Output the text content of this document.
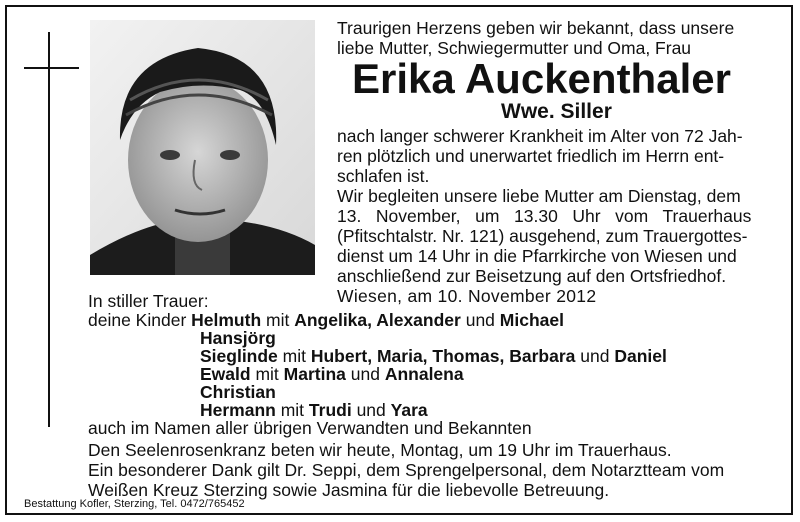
Traurigen Herzens geben wir bekannt, dass unsere
liebe Mutter, Schwiegermutter und Oma, Frau
Erika Auckenthaler
Wwe. Siller
nach langer schwerer Krankheit im Alter von 72 Jah-
ren plötzlich und unerwartet friedlich im Herrn ent-
schlafen ist.
Wir begleiten unsere liebe Mutter am Dienstag, dem
13.   November,   um   13.30   Uhr   vom   Trauerhaus
(Pfitschtalstr. Nr. 121) ausgehend, zum Trauergottes-
dienst um 14 Uhr in die Pfarrkirche von Wiesen und
anschließend zur Beisetzung auf den Ortsfriedhof.
Wiesen, am 10. November 2012
In stiller Trauer:
deine Kinder Helmuth mit Angelika, Alexander und Michael
Hansjörg
Sieglinde mit Hubert, Maria, Thomas, Barbara und Daniel
Ewald mit Martina und Annalena
Christian
Hermann mit Trudi und Yara
auch im Namen aller übrigen Verwandten und Bekannten
Den Seelenrosenkranz beten wir heute, Montag, um 19 Uhr im Trauerhaus.
Ein besonderer Dank gilt Dr. Seppi, dem Sprengelpersonal, dem Notarztteam vom
Weißen Kreuz Sterzing sowie Jasmina für die liebevolle Betreuung.
Bestattung Kofler, Sterzing, Tel. 0472/765452
